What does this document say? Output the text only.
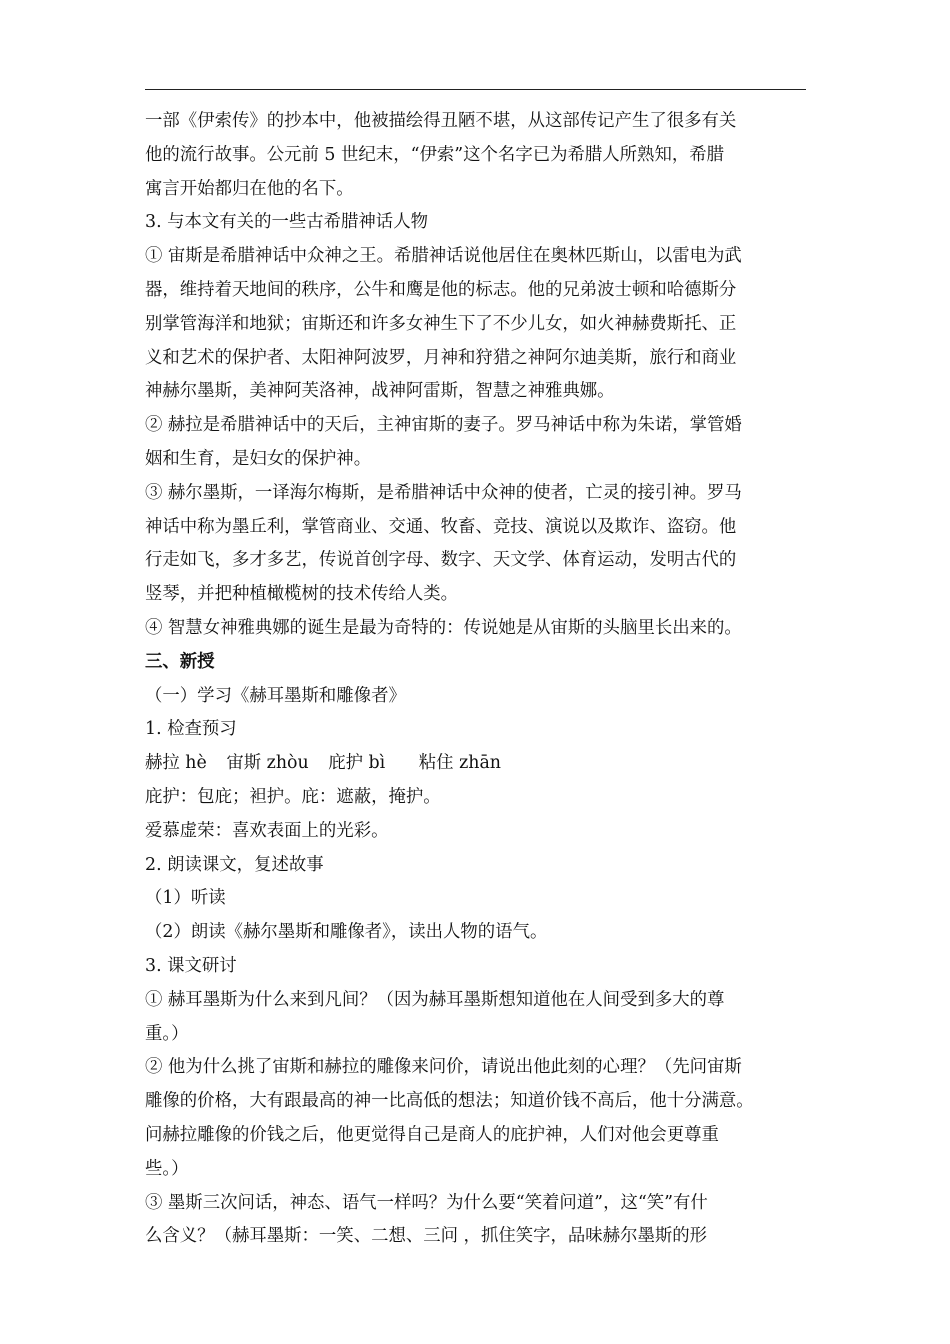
一部《伊索传》的抄本中，他被描绘得丑陋不堪，从这部传记产生了很多有关

他的流行故事。公元前 5 世纪末，“伊索”这个名字已为希腊人所熟知，希腊

寓言开始都归在他的名下。

3. 与本文有关的一些古希腊神话人物

① 宙斯是希腊神话中众神之王。希腊神话说他居住在奥林匹斯山，以雷电为武

器，维持着天地间的秩序，公牛和鹰是他的标志。他的兄弟波士顿和哈德斯分

别掌管海洋和地狱；宙斯还和许多女神生下了不少儿女，如火神赫费斯托、正

义和艺术的保护者、太阳神阿波罗，月神和狩猎之神阿尔迪美斯，旅行和商业

神赫尔墨斯，美神阿芙洛神，战神阿雷斯，智慧之神雅典娜。

② 赫拉是希腊神话中的天后，主神宙斯的妻子。罗马神话中称为朱诺，掌管婚

姻和生育，是妇女的保护神。

③ 赫尔墨斯，一译海尔梅斯，是希腊神话中众神的使者，亡灵的接引神。罗马

神话中称为墨丘利，掌管商业、交通、牧畜、竞技、演说以及欺诈、盗窃。他

行走如飞，多才多艺，传说首创字母、数字、天文学、体育运动，发明古代的

竖琴，并把种植橄榄树的技术传给人类。

④ 智慧女神雅典娜的诞生是最为奇特的：传说她是从宙斯的头脑里长出来的。

三、新授

（一）学习《赫耳墨斯和雕像者》

1. 检查预习

赫拉 hè 宙斯 zhòu 庇护 bì 粘住 zhān

庇护：包庇；袒护。庇：遮蔽，掩护。

爱慕虚荣：喜欢表面上的光彩。

2. 朗读课文，复述故事

（1）听读

（2）朗读《赫尔墨斯和雕像者》，读出人物的语气。

3. 课文研讨

① 赫耳墨斯为什么来到凡间？（因为赫耳墨斯想知道他在人间受到多大的尊

重。）

② 他为什么挑了宙斯和赫拉的雕像来问价，请说出他此刻的心理？（先问宙斯

雕像的价格，大有跟最高的神一比高低的想法；知道价钱不高后，他十分满意。

问赫拉雕像的价钱之后，他更觉得自己是商人的庇护神，人们对他会更尊重

些。）

③ 墨斯三次问话，神态、语气一样吗？为什么要“笑着问道”，这“笑”有什

么含义？（赫耳墨斯：一笑、二想、三问 ，抓住笑字，品味赫尔墨斯的形
